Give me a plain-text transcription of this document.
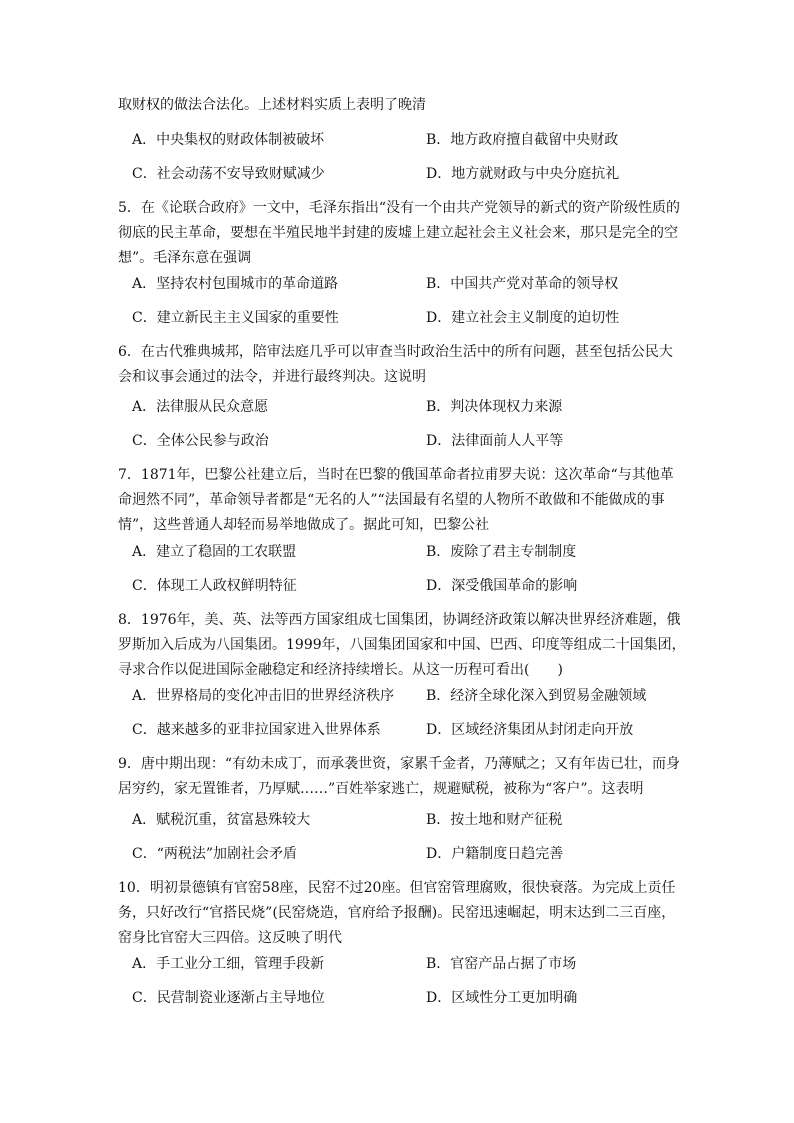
取财权的做法合法化。上述材料实质上表明了晚清
A．中央集权的财政体制被破坏	B．地方政府擅自截留中央财政
C．社会动荡不安导致财赋减少	D．地方就财政与中央分庭抗礼
5．在《论联合政府》一文中，毛泽东指出“没有一个由共产党领导的新式的资产阶级性质的彻底的民主革命，要想在半殖民地半封建的废墟上建立起社会主义社会来，那只是完全的空想”。毛泽东意在强调
A．坚持农村包围城市的革命道路	B．中国共产党对革命的领导权
C．建立新民主主义国家的重要性	D．建立社会主义制度的迫切性
6．在古代雅典城邦，陪审法庭几乎可以审查当时政治生活中的所有问题，甚至包括公民大会和议事会通过的法令，并进行最终判决。这说明
A．法律服从民众意愿	B．判决体现权力来源
C．全体公民参与政治	D．法律面前人人平等
7．1871年，巴黎公社建立后，当时在巴黎的俄国革命者拉甫罗夫说：这次革命“与其他革命迥然不同”，革命领导者都是“无名的人”“法国最有名望的人物所不敢做和不能做成的事情”，这些普通人却轻而易举地做成了。据此可知，巴黎公社
A．建立了稳固的工农联盟	B．废除了君主专制制度
C．体现工人政权鲜明特征	D．深受俄国革命的影响
8．1976年，美、英、法等西方国家组成七国集团，协调经济政策以解决世界经济难题，俄罗斯加入后成为八国集团。1999年，八国集团国家和中国、巴西、印度等组成二十国集团，寻求合作以促进国际金融稳定和经济持续增长。从这一历程可看出(　　)
A．世界格局的变化冲击旧的世界经济秩序 B．经济全球化深入到贸易金融领域
C．越来越多的亚非拉国家进入世界体系	D．区域经济集团从封闭走向开放
9．唐中期出现：“有幼未成丁，而承袭世资，家累千金者，乃薄赋之；又有年齿已壮，而身居穷约，家无置锥者，乃厚赋……”百姓举家逃亡，规避赋税，被称为“客户”。这表明
A．赋税沉重，贫富悬殊较大	B．按土地和财产征税
C．“两税法”加剧社会矛盾	D．户籍制度日趋完善
10．明初景德镇有官窑58座，民窑不过20座。但官窑管理腐败，很快衰落。为完成上贡任务，只好改行“官搭民烧”(民窑烧造，官府给予报酬)。民窑迅速崛起，明末达到二三百座，窑身比官窑大三四倍。这反映了明代
A．手工业分工细，管理手段新	B．官窑产品占据了市场
C．民营制瓷业逐渐占主导地位	D．区域性分工更加明确
